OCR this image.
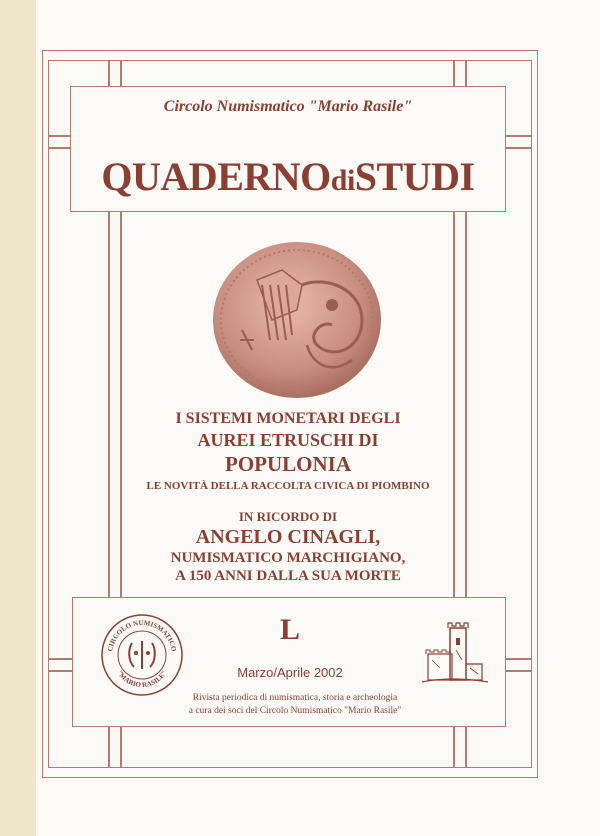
Circolo Numismatico "Mario Rasile"
QUADERNOdiSTUDI
I SISTEMI MONETARI DEGLI
AUREI ETRUSCHI DI
POPULONIA
LE NOVITÀ DELLA RACCOLTA CIVICA DI PIOMBINO
IN RICORDO DI
ANGELO CINAGLI,
NUMISMATICO MARCHIGIANO,
A 150 ANNI DALLA SUA MORTE
CIRCOLO NUMISMATICO
"MARIO RASILE"
L
Marzo/Aprile 2002
Rivista periodica di numismatica, storia e archeologia
a cura dei soci del Circolo Numismatico "Mario Rasile"
